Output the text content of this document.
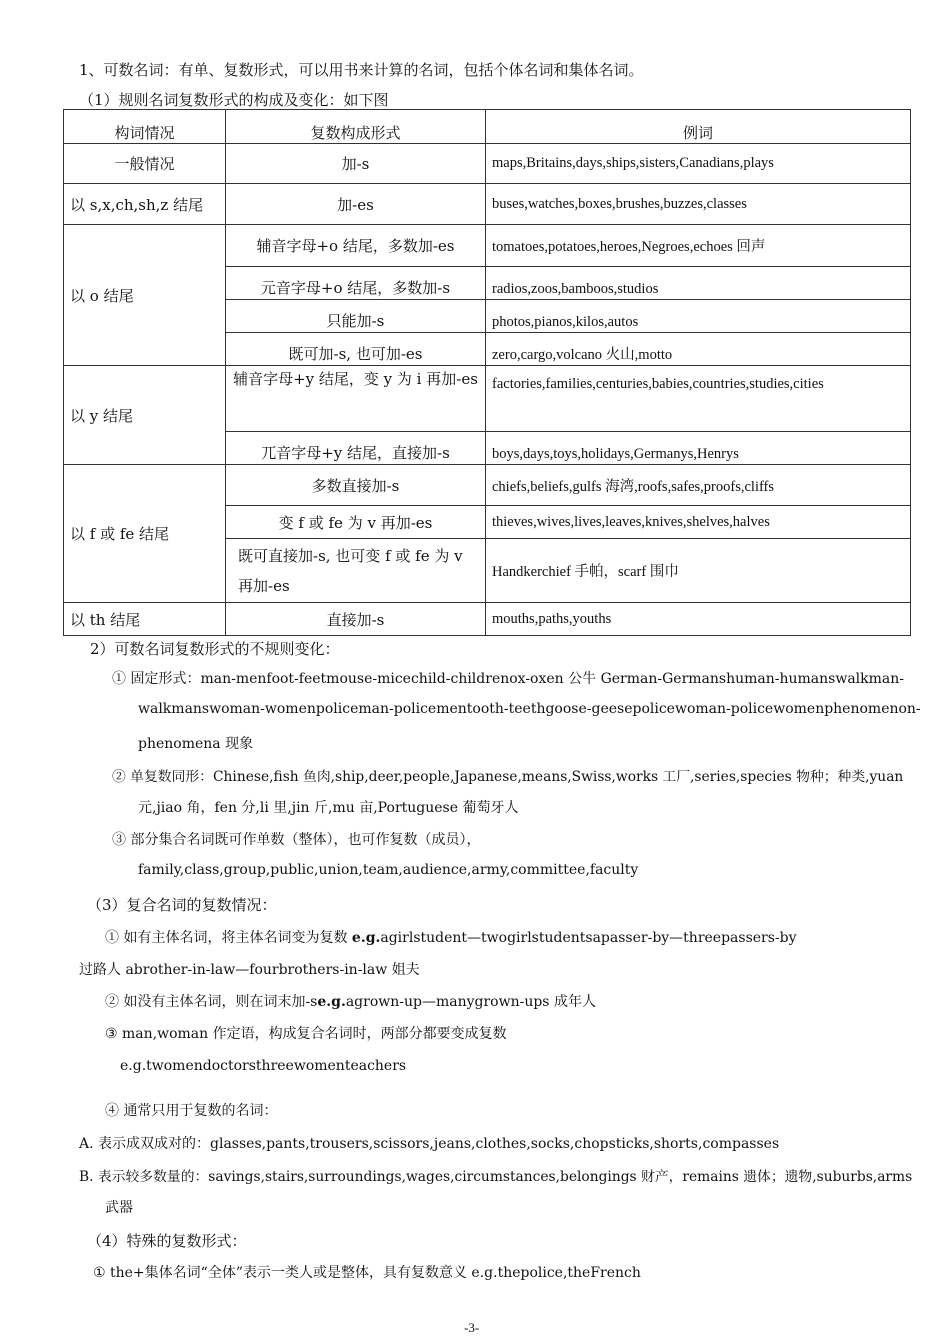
1、可数名词：有单、复数形式，可以用书来计算的名词，包括个体名词和集体名词。
（1）规则名词复数形式的构成及变化：如下图
构词情况	复数构成形式	例词
一般情况	加-s	maps,Britains,days,ships,sisters,Canadians,plays
以 s,x,ch,sh,z 结尾	加-es	buses,watches,boxes,brushes,buzzes,classes
以 o 结尾	辅音字母+o 结尾，多数加-es	tomatoes,potatoes,heroes,Negroes,echoes 回声
	元音字母+o 结尾，多数加-s	radios,zoos,bamboos,studios
	只能加-s	photos,pianos,kilos,autos
	既可加-s, 也可加-es	zero,cargo,volcano 火山,motto
以 y 结尾	辅音字母+y 结尾，变 y 为 i 再加-es	factories,families,centuries,babies,countries,studies,cities
	兀音字母+y 结尾，直接加-s	boys,days,toys,holidays,Germanys,Henrys
以 f 或 fe 结尾	多数直接加-s	chiefs,beliefs,gulfs 海湾,roofs,safes,proofs,cliffs
	变 f 或 fe 为 v 再加-es	thieves,wives,lives,leaves,knives,shelves,halves
	既可直接加-s, 也可变 f 或 fe 为 v 再加-es	Handkerchief 手帕，scarf 围巾
以 th 结尾	直接加-s	mouths,paths,youths
2）可数名词复数形式的不规则变化：
① 固定形式：man-menfoot-feetmouse-micechild-childrenox-oxen 公牛 German-Germanshuman-humanswalkman-
walkmanswoman-womenpoliceman-policementooth-teethgoose-geesepolicewoman-policewomenphenomenon-
phenomena 现象
② 单复数同形：Chinese,fish 鱼肉,ship,deer,people,Japanese,means,Swiss,works 工厂,series,species 物种；种类,yuan
元,jiao 角，fen 分,li 里,jin 斤,mu 亩,Portuguese 葡萄牙人
③ 部分集合名词既可作单数（整体），也可作复数（成员），
family,class,group,public,union,team,audience,army,committee,faculty
（3）复合名词的复数情况：
① 如有主体名词，将主体名词变为复数 e.g.agirlstudent—twogirlstudentsapasser-by—threepassers-by
过路人 abrother-in-law—fourbrothers-in-law 姐夫
② 如没有主体名词，则在词末加-se.g.agrown-up—manygrown-ups 成年人
③ man,woman 作定语，构成复合名词时，两部分都要变成复数
e.g.twomendoctorsthreewomenteachers
④ 通常只用于复数的名词：
A. 表示成双成对的：glasses,pants,trousers,scissors,jeans,clothes,socks,chopsticks,shorts,compasses
B. 表示较多数量的：savings,stairs,surroundings,wages,circumstances,belongings 财产，remains 遗体；遗物,suburbs,arms
武器
（4）特殊的复数形式：
① the+集体名词“全体”表示一类人或是整体，具有复数意义 e.g.thepolice,theFrench
-3-
